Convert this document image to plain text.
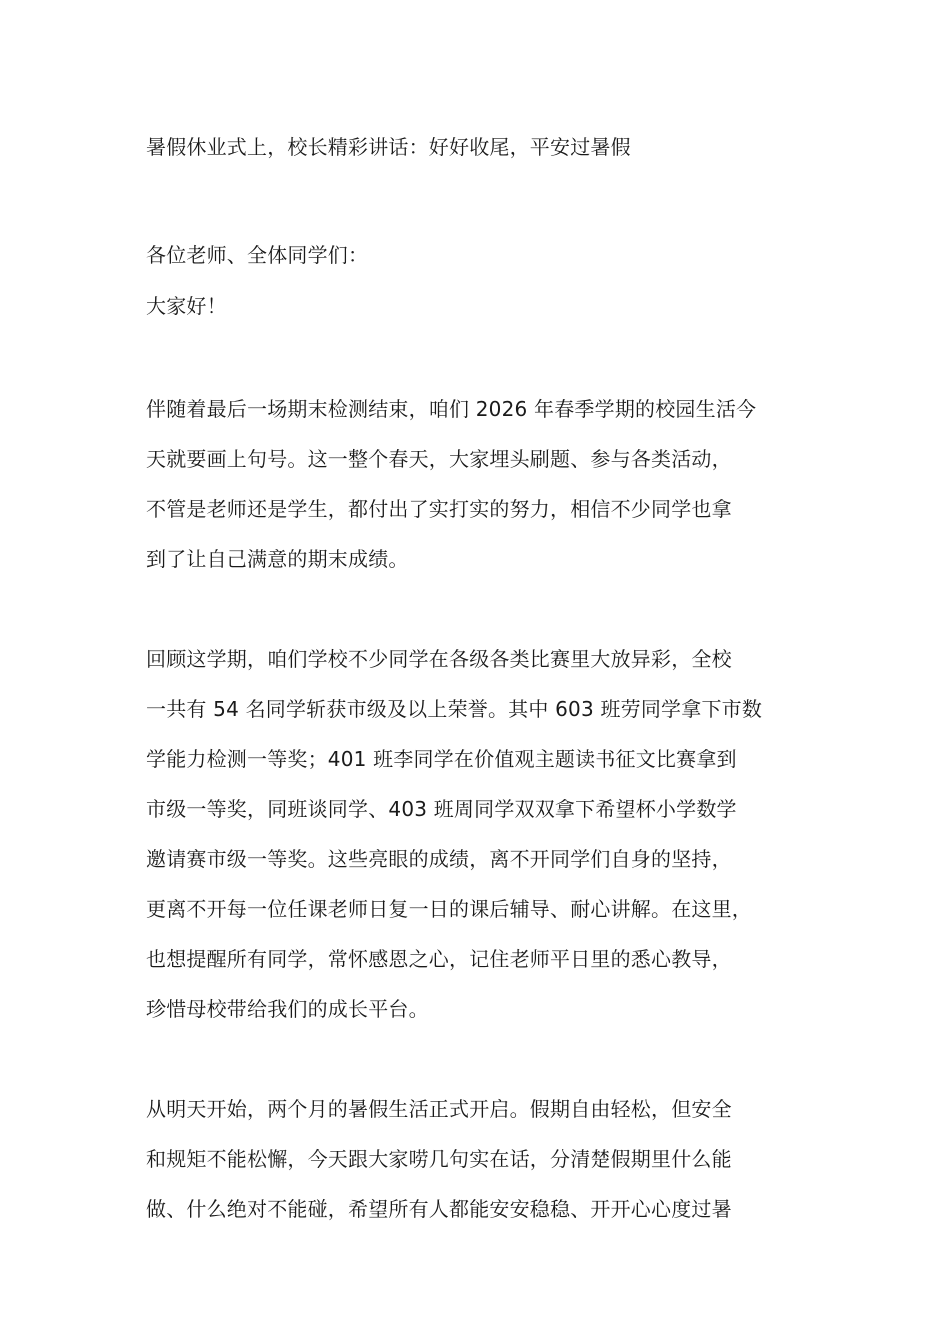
暑假休业式上，校长精彩讲话：好好收尾，平安过暑假

各位老师、全体同学们：

大家好！

伴随着最后一场期末检测结束，咱们 2026 年春季学期的校园生活今

天就要画上句号。这一整个春天，大家埋头刷题、参与各类活动，

不管是老师还是学生，都付出了实打实的努力，相信不少同学也拿

到了让自己满意的期末成绩。

回顾这学期，咱们学校不少同学在各级各类比赛里大放异彩，全校

一共有 54 名同学斩获市级及以上荣誉。其中 603 班劳同学拿下市数

学能力检测一等奖；401 班李同学在价值观主题读书征文比赛拿到

市级一等奖，同班谈同学、403 班周同学双双拿下希望杯小学数学

邀请赛市级一等奖。这些亮眼的成绩，离不开同学们自身的坚持，

更离不开每一位任课老师日复一日的课后辅导、耐心讲解。在这里，

也想提醒所有同学，常怀感恩之心，记住老师平日里的悉心教导，

珍惜母校带给我们的成长平台。

从明天开始，两个月的暑假生活正式开启。假期自由轻松，但安全

和规矩不能松懈，今天跟大家唠几句实在话，分清楚假期里什么能

做、什么绝对不能碰，希望所有人都能安安稳稳、开开心心度过暑
